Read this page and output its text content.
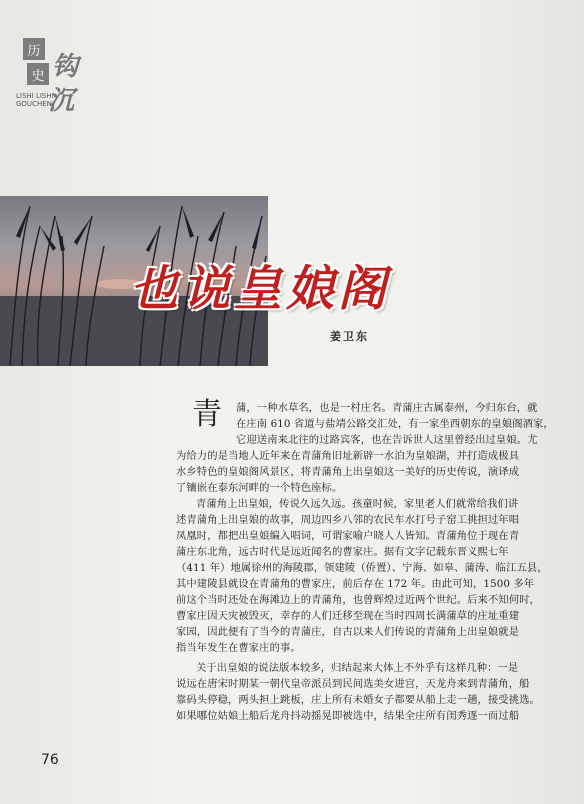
历
史
LISHI LISHI
GOUCHEN
钩
沉
也说皇娘阁
姜卫东
青 蒲，一种水草名，也是一村庄名。青蒲庄古属泰州，今归东台，就
在庄南 610 省道与盐靖公路交汇处，有一家坐西朝东的皇娘阁酒家，
它迎送南来北往的过路宾客，也在告诉世人这里曾经出过皇娘。尤
为给力的是当地人近年来在青蒲角旧址新辟一水泊为皇娘湖，并打造成极具
水乡特色的皇娘阁风景区，将青蒲角上出皇娘这一美好的历史传说，演译成
了镶嵌在泰东河畔的一个特色座标。
青蒲角上出皇娘，传说久远久远。孩童时候，家里老人们就常给我们讲
述青蒲角上出皇娘的故事，周边四乡八邻的农民车水打号子窑工挑担过年唱
凤凰时，都把出皇娘编入唱词，可谓家喻户晓人人皆知。青蒲角位于现在青
蒲庄东北角，远古时代是远近闻名的曹家庄。据有文字记载东晋义熙七年
（411 年）地属徐州的海陵郡，领建陵（侨置）、宁海、如皋、蒲涛、临江五县，
其中建陵县就设在青蒲角的曹家庄，前后存在 172 年。由此可知，1500 多年
前这个当时还处在海滩边上的青蒲角，也曾辉煌过近两个世纪。后来不知何时，
曹家庄因天灾被毁灭，幸存的人们迁移至现在当时四周长满蒲草的庄址重建
家园，因此便有了当今的青蒲庄，自古以来人们传说的青蒲角上出皇娘就是
指当年发生在曹家庄的事。
关于出皇娘的说法版本较多，归结起来大体上不外乎有这样几种：一是
说远在唐宋时期某一朝代皇帝派员到民间选美女进宫，天龙舟来到青蒲角，船
靠码头停稳，两头担上跳板，庄上所有未婚女子都要从船上走一趟，接受挑选。
如果哪位姑娘上船后龙舟抖动摇晃即被选中，结果全庄所有闺秀逐一而过船
76
